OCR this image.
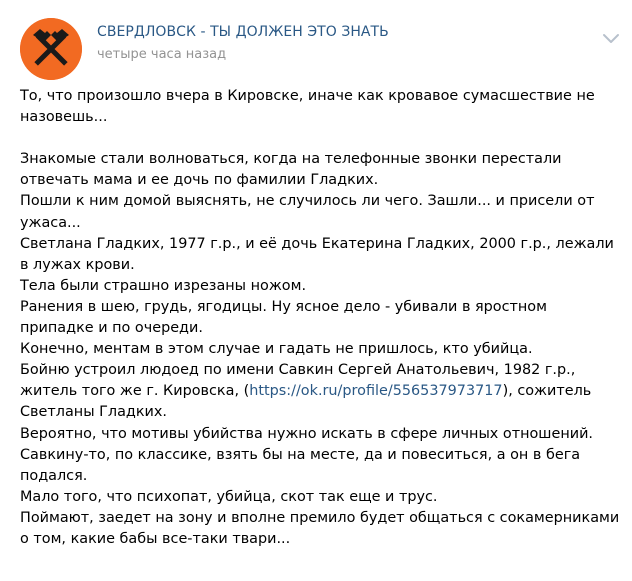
СВЕРДЛОВСК - ТЫ ДОЛЖЕН ЭТО ЗНАТЬ
четыре часа назад

То, что произошло вчера в Кировске, иначе как кровавое сумасшествие не назовешь...

Знакомые стали волноваться, когда на телефонные звонки перестали отвечать мама и ее дочь по фамилии Гладких.

Пошли к ним домой выяснять, не случилось ли чего. Зашли... и присели от ужаса...

Светлана Гладких, 1977 г.р., и её дочь Екатерина Гладких, 2000 г.р., лежали в лужах крови.

Тела были страшно изрезаны ножом.

Ранения в шею, грудь, ягодицы. Ну ясное дело - убивали в яростном припадке и по очереди.

Конечно, ментам в этом случае и гадать не пришлось, кто убийца.

Бойню устроил людоед по имени Савкин Сергей Анатольевич, 1982 г.р., житель того же г. Кировска, (https://ok.ru/profile/556537973717), сожитель Светланы Гладких.

Вероятно, что мотивы убийства нужно искать в сфере личных отношений.

Савкину-то, по классике, взять бы на месте, да и повеситься, а он в бега подался.

Мало того, что психопат, убийца, скот так еще и трус.

Поймают, заедет на зону и вполне премило будет общаться с сокамерниками о том, какие бабы все-таки твари...
